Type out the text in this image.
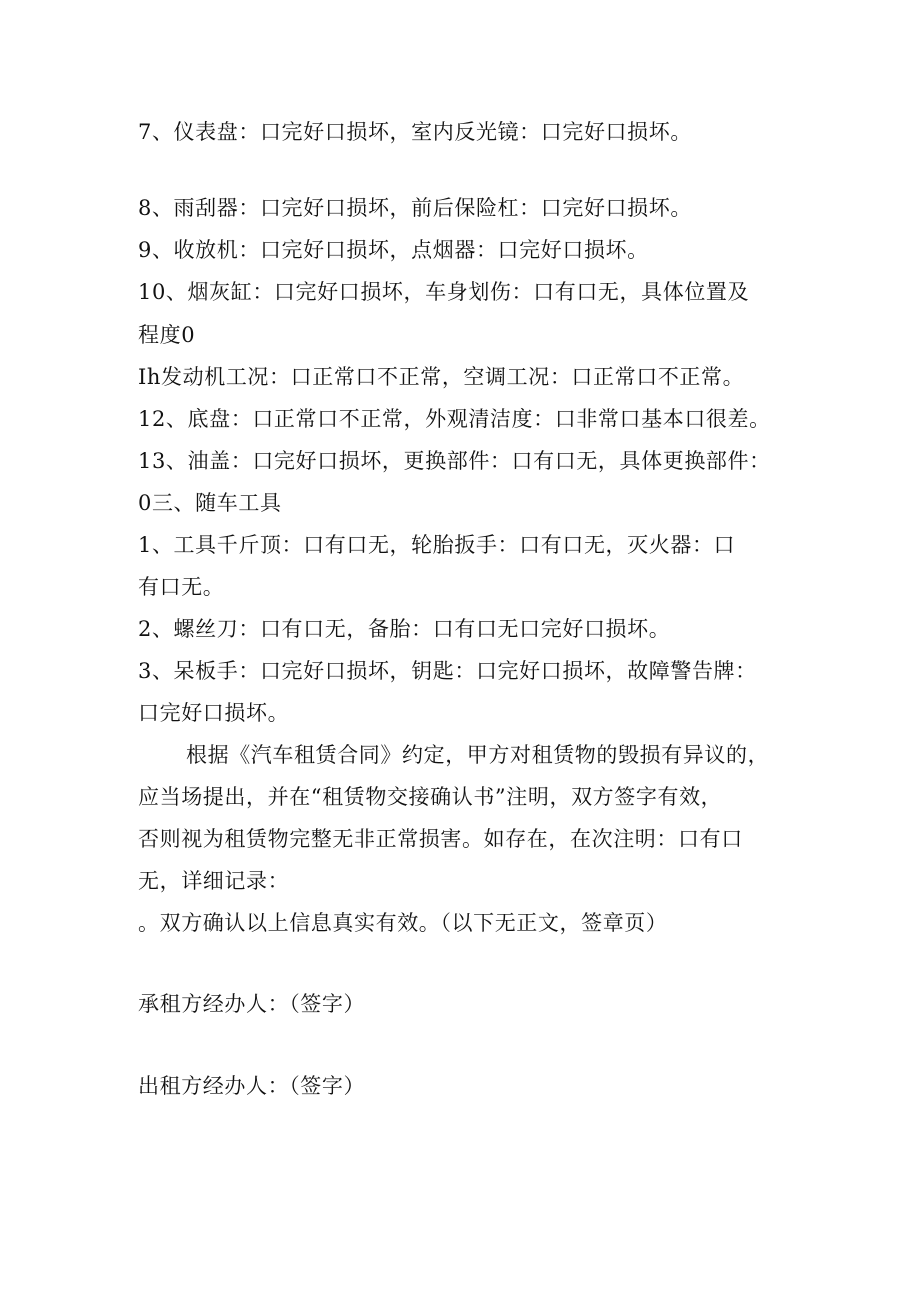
7、仪表盘：口完好口损坏，室内反光镜：口完好口损坏。
8、雨刮器：口完好口损坏，前后保险杠：口完好口损坏。
9、收放机：口完好口损坏，点烟器：口完好口损坏。
10、烟灰缸：口完好口损坏，车身划伤：口有口无，具体位置及
程度0
Ih发动机工况：口正常口不正常，空调工况：口正常口不正常。
12、底盘：口正常口不正常，外观清洁度：口非常口基本口很差。
13、油盖：口完好口损坏，更换部件：口有口无，具体更换部件：
0三、随车工具
1、工具千斤顶：口有口无，轮胎扳手：口有口无，灭火器：口
有口无。
2、螺丝刀：口有口无，备胎：口有口无口完好口损坏。
3、呆板手：口完好口损坏，钥匙：口完好口损坏，故障警告牌：
口完好口损坏。
根据《汽车租赁合同》约定，甲方对租赁物的毁损有异议的，
应当场提出，并在“租赁物交接确认书”注明，双方签字有效，
否则视为租赁物完整无非正常损害。如存在，在次注明：口有口
无，详细记录：
。双方确认以上信息真实有效。（以下无正文，签章页）
承租方经办人：（签字）
出租方经办人：（签字）
